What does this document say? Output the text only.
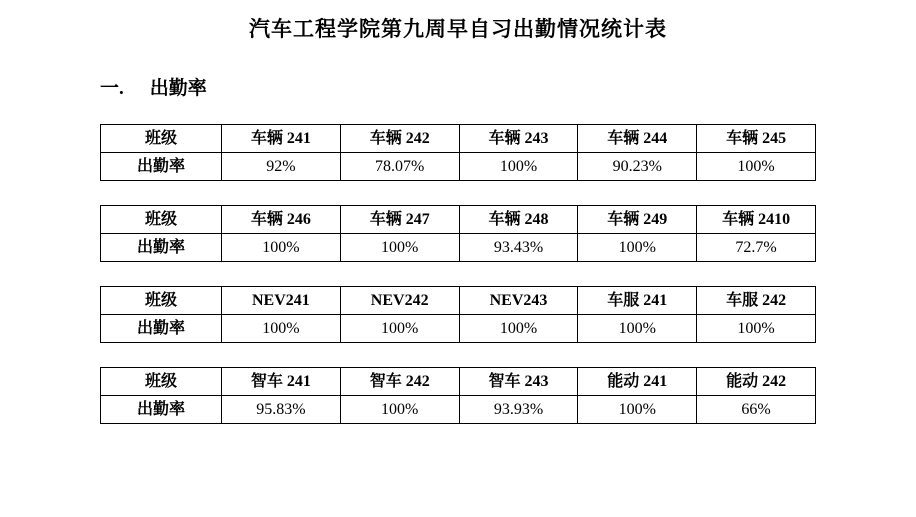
汽车工程学院第九周早自习出勤情况统计表
一. 出勤率
班级	车辆 241	车辆 242	车辆 243	车辆 244	车辆 245
出勤率	92%	78.07%	100%	90.23%	100%
班级	车辆 246	车辆 247	车辆 248	车辆 249	车辆 2410
出勤率	100%	100%	93.43%	100%	72.7%
班级	NEV241	NEV242	NEV243	车服 241	车服 242
出勤率	100%	100%	100%	100%	100%
班级	智车 241	智车 242	智车 243	能动 241	能动 242
出勤率	95.83%	100%	93.93%	100%	66%
